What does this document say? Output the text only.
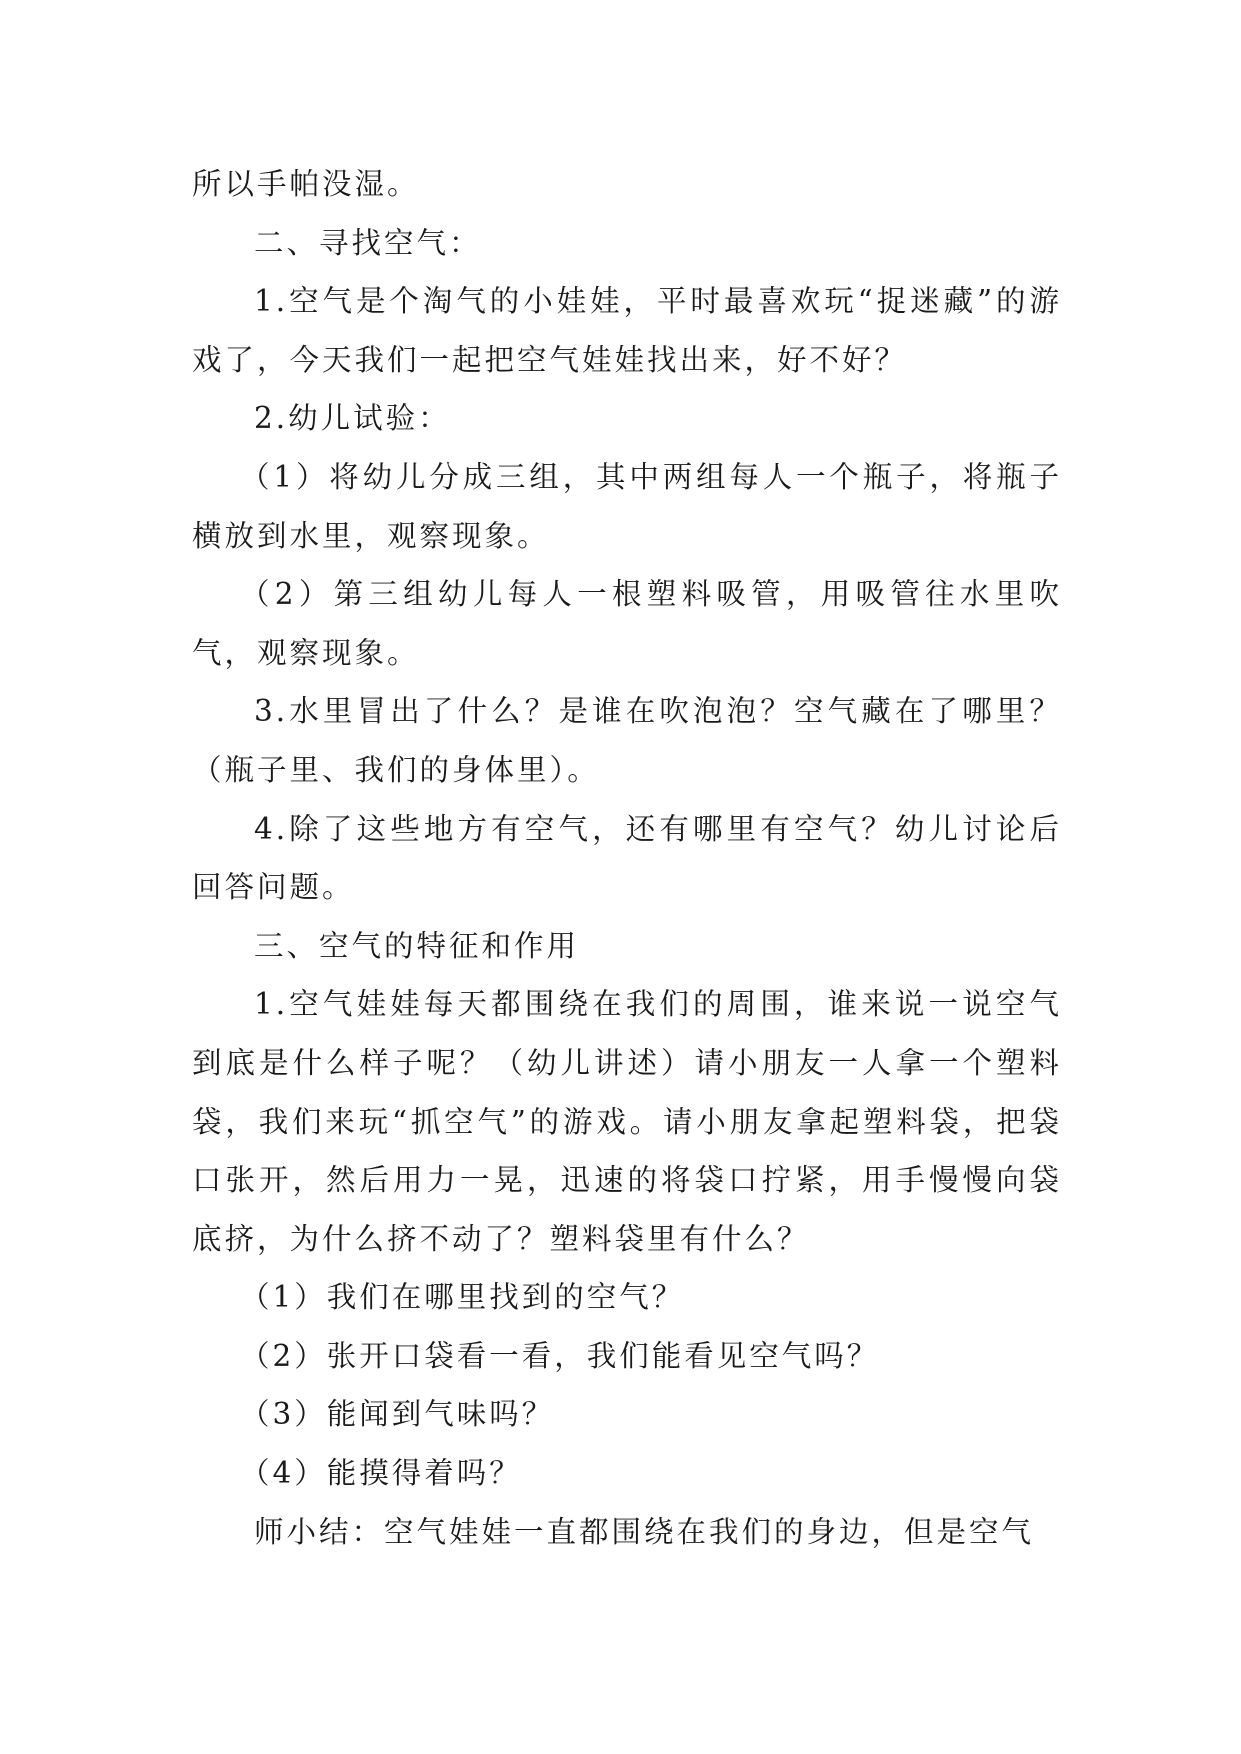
所以手帕没湿。

二、寻找空气：

1.空气是个淘气的小娃娃，平时最喜欢玩“捉迷藏”的游戏了，今天我们一起把空气娃娃找出来，好不好？

2.幼儿试验：

（1）将幼儿分成三组，其中两组每人一个瓶子，将瓶子横放到水里，观察现象。

（2）第三组幼儿每人一根塑料吸管，用吸管往水里吹气，观察现象。

3.水里冒出了什么？是谁在吹泡泡？空气藏在了哪里？（瓶子里、我们的身体里）。

4.除了这些地方有空气，还有哪里有空气？幼儿讨论后回答问题。

三、空气的特征和作用

1.空气娃娃每天都围绕在我们的周围，谁来说一说空气到底是什么样子呢？（幼儿讲述）请小朋友一人拿一个塑料袋，我们来玩“抓空气”的游戏。请小朋友拿起塑料袋，把袋口张开，然后用力一晃，迅速的将袋口拧紧，用手慢慢向袋底挤，为什么挤不动了？塑料袋里有什么？

（1）我们在哪里找到的空气？

（2）张开口袋看一看，我们能看见空气吗？

（3）能闻到气味吗？

（4）能摸得着吗？

师小结：空气娃娃一直都围绕在我们的身边，但是空气
